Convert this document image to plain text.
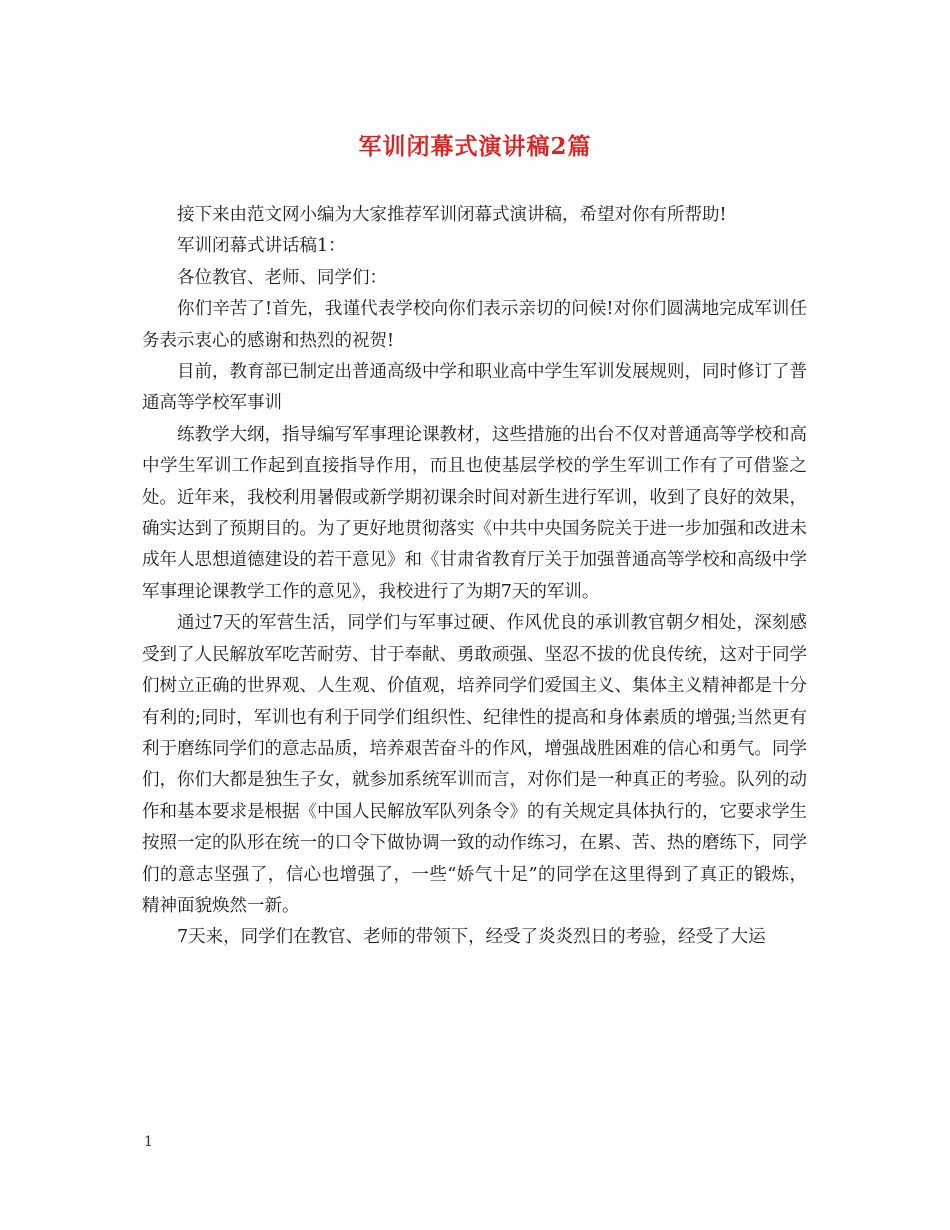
军训闭幕式演讲稿2篇

接下来由范文网小编为大家推荐军训闭幕式演讲稿，希望对你有所帮助!

军训闭幕式讲话稿1：

各位教官、老师、同学们：

你们辛苦了!首先，我谨代表学校向你们表示亲切的问候!对你们圆满地完成军训任务表示衷心的感谢和热烈的祝贺!

目前，教育部已制定出普通高级中学和职业高中学生军训发展规则，同时修订了普通高等学校军事训

练教学大纲，指导编写军事理论课教材，这些措施的出台不仅对普通高等学校和高中学生军训工作起到直接指导作用，而且也使基层学校的学生军训工作有了可借鉴之处。近年来，我校利用暑假或新学期初课余时间对新生进行军训，收到了良好的效果，确实达到了预期目的。为了更好地贯彻落实《中共中央国务院关于进一步加强和改进未成年人思想道德建设的若干意见》和《甘肃省教育厅关于加强普通高等学校和高级中学军事理论课教学工作的意见》，我校进行了为期7天的军训。

通过7天的军营生活，同学们与军事过硬、作风优良的承训教官朝夕相处，深刻感受到了人民解放军吃苦耐劳、甘于奉献、勇敢顽强、坚忍不拔的优良传统，这对于同学们树立正确的世界观、人生观、价值观，培养同学们爱国主义、集体主义精神都是十分有利的;同时，军训也有利于同学们组织性、纪律性的提高和身体素质的增强;当然更有利于磨练同学们的意志品质，培养艰苦奋斗的作风，增强战胜困难的信心和勇气。同学们，你们大都是独生子女，就参加系统军训而言，对你们是一种真正的考验。队列的动作和基本要求是根据《中国人民解放军队列条令》的有关规定具体执行的，它要求学生按照一定的队形在统一的口令下做协调一致的动作练习，在累、苦、热的磨练下，同学们的意志坚强了，信心也增强了，一些“娇气十足”的同学在这里得到了真正的锻炼，精神面貌焕然一新。

7天来，同学们在教官、老师的带领下，经受了炎炎烈日的考验，经受了大运

1
